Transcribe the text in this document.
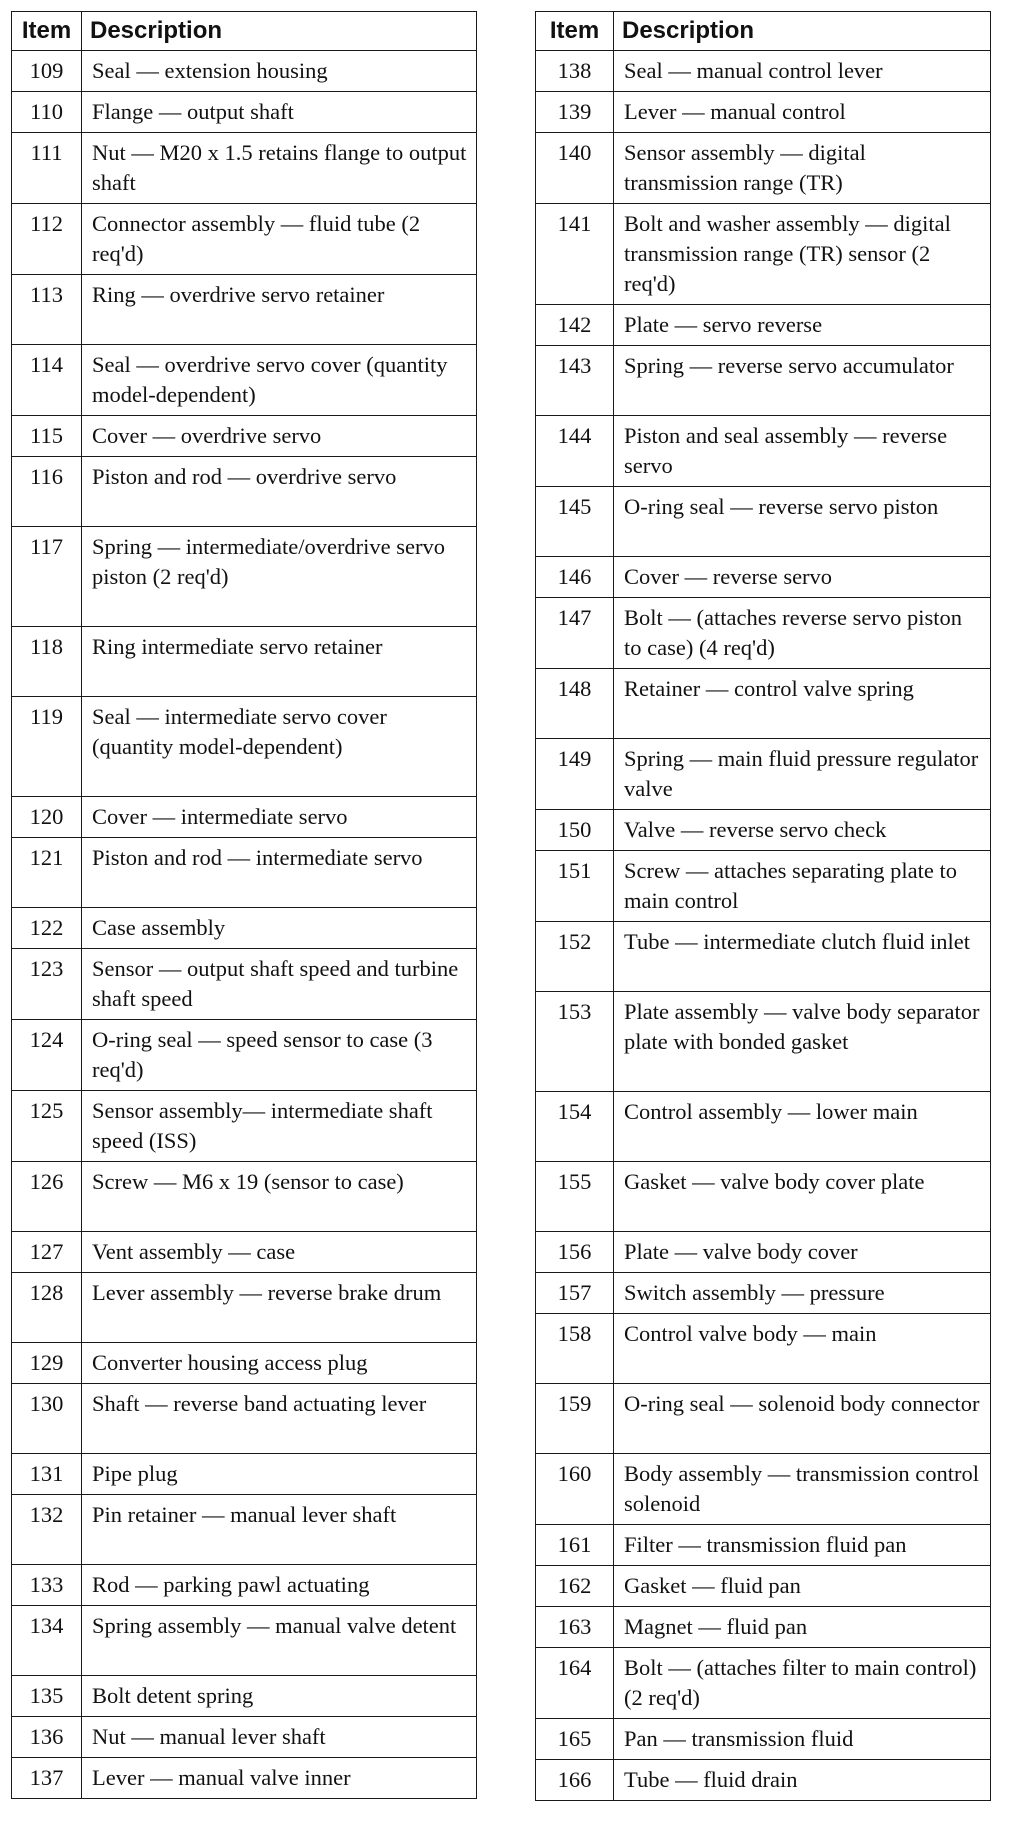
Item	Description
109	Seal — extension housing
110	Flange — output shaft
111	Nut — M20 x 1.5 retains flange to output shaft
112	Connector assembly — fluid tube (2 req'd)
113	Ring — overdrive servo retainer
114	Seal — overdrive servo cover (quantity model-dependent)
115	Cover — overdrive servo
116	Piston and rod — overdrive servo
117	Spring — intermediate/overdrive servo piston (2 req'd)
118	Ring intermediate servo retainer
119	Seal — intermediate servo cover (quantity model-dependent)
120	Cover — intermediate servo
121	Piston and rod — intermediate servo
122	Case assembly
123	Sensor — output shaft speed and turbine shaft speed
124	O-ring seal — speed sensor to case (3 req'd)
125	Sensor assembly— intermediate shaft speed (ISS)
126	Screw — M6 x 19 (sensor to case)
127	Vent assembly — case
128	Lever assembly — reverse brake drum
129	Converter housing access plug
130	Shaft — reverse band actuating lever
131	Pipe plug
132	Pin retainer — manual lever shaft
133	Rod — parking pawl actuating
134	Spring assembly — manual valve detent
135	Bolt detent spring
136	Nut — manual lever shaft
137	Lever — manual valve inner
Item	Description
138	Seal — manual control lever
139	Lever — manual control
140	Sensor assembly — digital transmission range (TR)
141	Bolt and washer assembly — digital transmission range (TR) sensor (2 req'd)
142	Plate — servo reverse
143	Spring — reverse servo accumulator
144	Piston and seal assembly — reverse servo
145	O-ring seal — reverse servo piston
146	Cover — reverse servo
147	Bolt — (attaches reverse servo piston to case) (4 req'd)
148	Retainer — control valve spring
149	Spring — main fluid pressure regulator valve
150	Valve — reverse servo check
151	Screw — attaches separating plate to main control
152	Tube — intermediate clutch fluid inlet
153	Plate assembly — valve body separator plate with bonded gasket
154	Control assembly — lower main
155	Gasket — valve body cover plate
156	Plate — valve body cover
157	Switch assembly — pressure
158	Control valve body — main
159	O-ring seal — solenoid body connector
160	Body assembly — transmission control solenoid
161	Filter — transmission fluid pan
162	Gasket — fluid pan
163	Magnet — fluid pan
164	Bolt — (attaches filter to main control) (2 req'd)
165	Pan — transmission fluid
166	Tube — fluid drain
